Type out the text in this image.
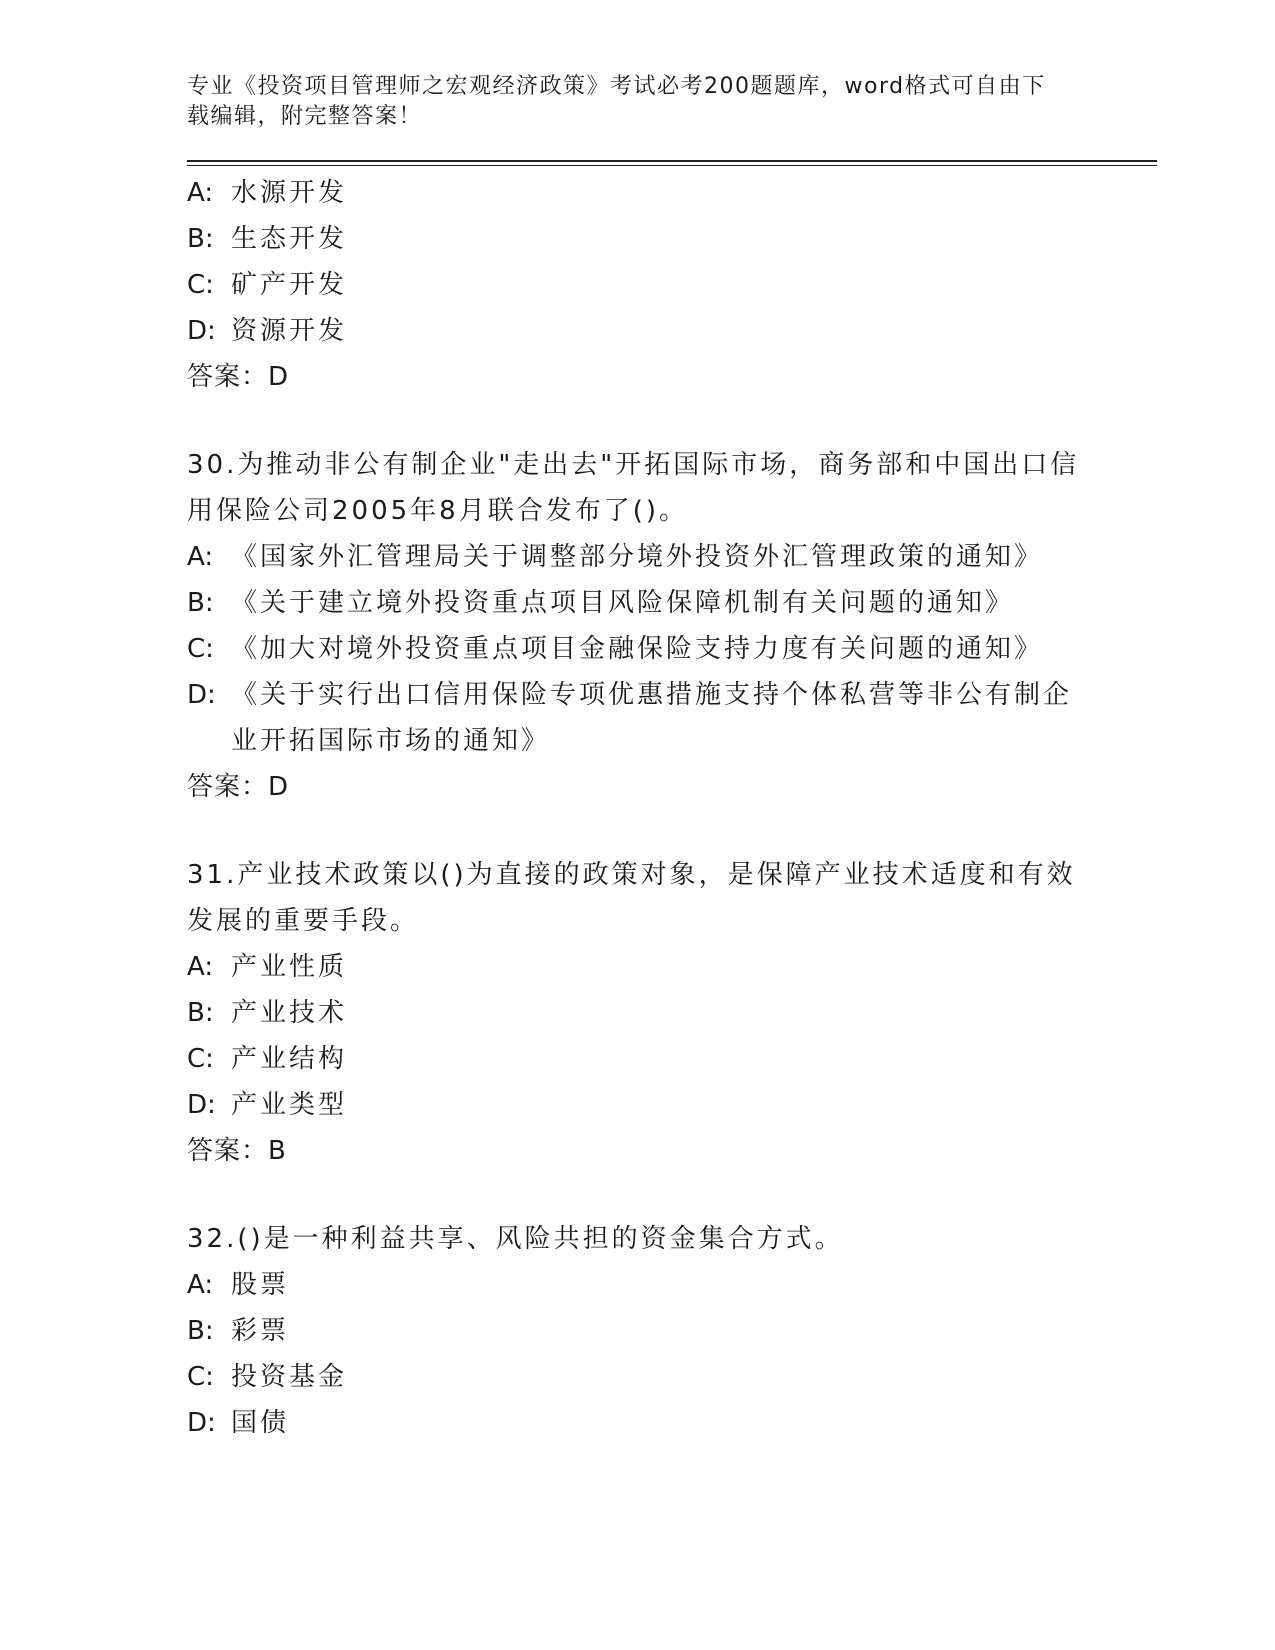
专业《投资项目管理师之宏观经济政策》考试必考200题题库，word格式可自由下载编辑，附完整答案！
A: 水源开发
B: 生态开发
C: 矿产开发
D: 资源开发
答案：D
30.为推动非公有制企业"走出去"开拓国际市场，商务部和中国出口信用保险公司2005年8月联合发布了()。
A: 《国家外汇管理局关于调整部分境外投资外汇管理政策的通知》
B: 《关于建立境外投资重点项目风险保障机制有关问题的通知》
C: 《加大对境外投资重点项目金融保险支持力度有关问题的通知》
D: 《关于实行出口信用保险专项优惠措施支持个体私营等非公有制企业开拓国际市场的通知》
答案：D
31.产业技术政策以()为直接的政策对象，是保障产业技术适度和有效发展的重要手段。
A: 产业性质
B: 产业技术
C: 产业结构
D: 产业类型
答案：B
32.()是一种利益共享、风险共担的资金集合方式。
A: 股票
B: 彩票
C: 投资基金
D: 国债
